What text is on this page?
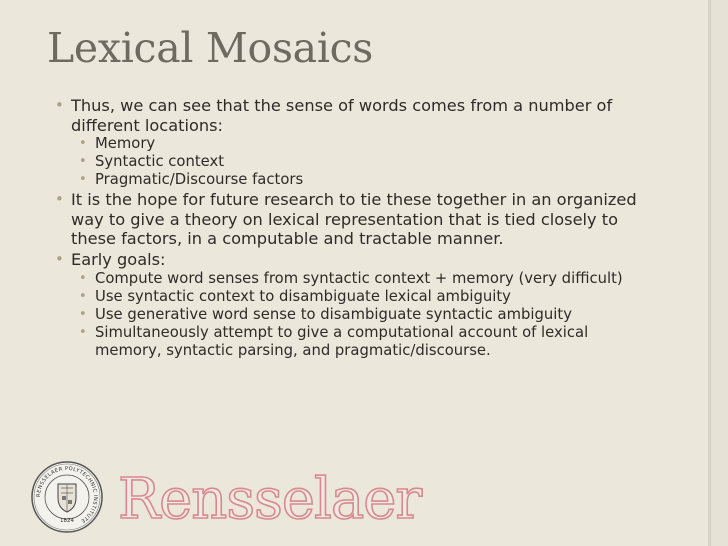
Lexical Mosaics
• Thus, we can see that the sense of words comes from a number of different locations:
• Memory
• Syntactic context
• Pragmatic/Discourse factors
• It is the hope for future research to tie these together in an organized way to give a theory on lexical representation that is tied closely to these factors, in a computable and tractable manner.
• Early goals:
• Compute word senses from syntactic context + memory (very difficult)
• Use syntactic context to disambiguate lexical ambiguity
• Use generative word sense to disambiguate syntactic ambiguity
• Simultaneously attempt to give a computational account of lexical memory, syntactic parsing, and pragmatic/discourse.
RENSSELAER POLYTECHNIC INSTITUTE
1824 Rensselaer
